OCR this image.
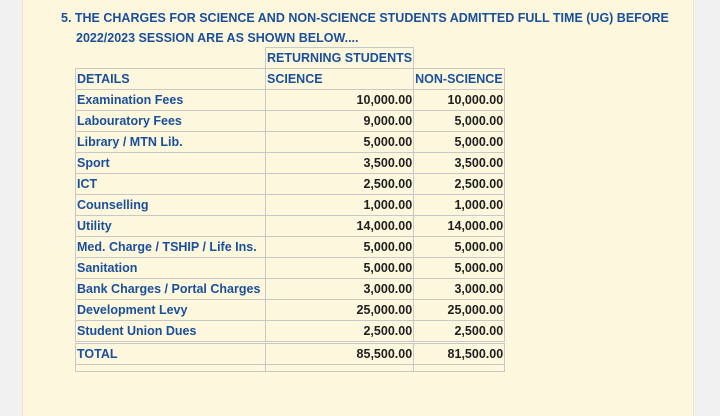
5. THE CHARGES FOR SCIENCE AND NON-SCIENCE STUDENTS ADMITTED FULL TIME (UG) BEFORE
2022/2023 SESSION ARE AS SHOWN BELOW....

	RETURNING STUDENTS	
DETAILS	SCIENCE	NON-SCIENCE
Examination Fees	10,000.00	10,000.00
Labouratory Fees	9,000.00	5,000.00
Library / MTN Lib.	5,000.00	5,000.00
Sport	3,500.00	3,500.00
ICT	2,500.00	2,500.00
Counselling	1,000.00	1,000.00
Utility	14,000.00	14,000.00
Med. Charge / TSHIP / Life Ins.	5,000.00	5,000.00
Sanitation	5,000.00	5,000.00
Bank Charges / Portal Charges	3,000.00	3,000.00
Development Levy	25,000.00	25,000.00
Student Union Dues	2,500.00	2,500.00
TOTAL	85,500.00	81,500.00
